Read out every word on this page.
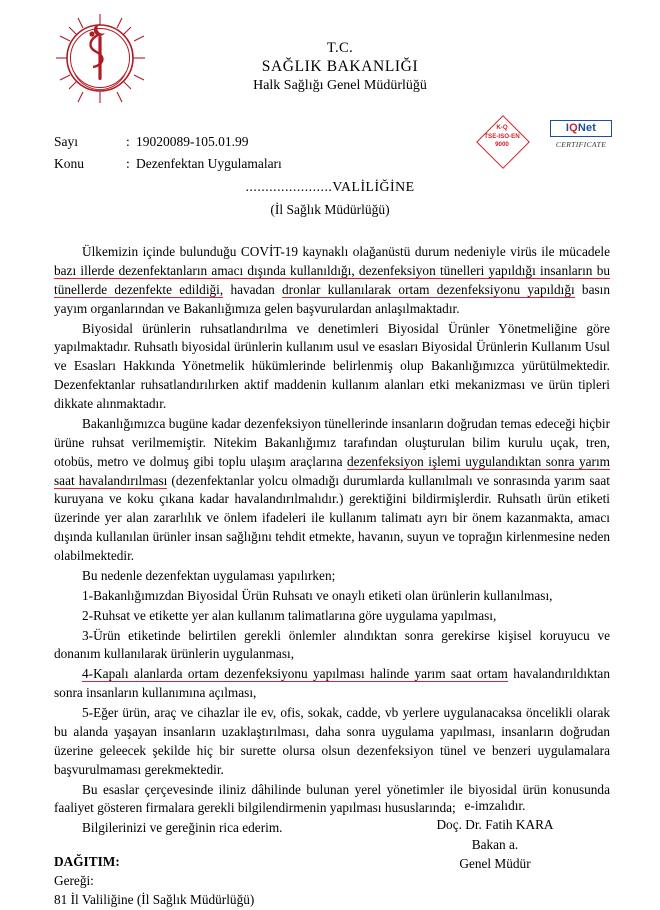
T.C.
SAĞLIK BAKANLIĞI
Halk Sağlığı Genel Müdürlüğü
K-Q
TSE-ISO-EN
9000
IQNet
CERTIFICATE
Sayı	: 19020089-105.01.99
Konu	: Dezenfektan Uygulamaları
......................VALİLİĞİNE
(İl Sağlık Müdürlüğü)

Ülkemizin içinde bulunduğu COVİT-19 kaynaklı olağanüstü durum nedeniyle virüs ile mücadele bazı illerde dezenfektanların amacı dışında kullanıldığı, dezenfeksiyon tünelleri yapıldığı insanların bu tünellerde dezenfekte edildiği, havadan dronlar kullanılarak ortam dezenfeksiyonu yapıldığı basın yayım organlarından ve Bakanlığımıza gelen başvurulardan anlaşılmaktadır.

Biyosidal ürünlerin ruhsatlandırılma ve denetimleri Biyosidal Ürünler Yönetmeliğine göre yapılmaktadır. Ruhsatlı biyosidal ürünlerin kullanım usul ve esasları Biyosidal Ürünlerin Kullanım Usul ve Esasları Hakkında Yönetmelik hükümlerinde belirlenmiş olup Bakanlığımızca yürütülmektedir. Dezenfektanlar ruhsatlandırılırken aktif maddenin kullanım alanları etki mekanizması ve ürün tipleri dikkate alınmaktadır.

Bakanlığımızca bugüne kadar dezenfeksiyon tünellerinde insanların doğrudan temas edeceği hiçbir ürüne ruhsat verilmemiştir. Nitekim Bakanlığımız tarafından oluşturulan bilim kurulu uçak, tren, otobüs, metro ve dolmuş gibi toplu ulaşım araçlarına dezenfeksiyon işlemi uygulandıktan sonra yarım saat havalandırılması (dezenfektanlar yolcu olmadığı durumlarda kullanılmalı ve sonrasında yarım saat kuruyana ve koku çıkana kadar havalandırılmalıdır.) gerektiğini bildirmişlerdir. Ruhsatlı ürün etiketi üzerinde yer alan zararlılık ve önlem ifadeleri ile kullanım talimatı ayrı bir önem kazanmakta, amacı dışında kullanılan ürünler insan sağlığını tehdit etmekte, havanın, suyun ve toprağın kirlenmesine neden olabilmektedir.

Bu nedenle dezenfektan uygulaması yapılırken;

1-Bakanlığımızdan Biyosidal Ürün Ruhsatı ve onaylı etiketi olan ürünlerin kullanılması,

2-Ruhsat ve etikette yer alan kullanım talimatlarına göre uygulama yapılması,

3-Ürün etiketinde belirtilen gerekli önlemler alındıktan sonra gerekirse kişisel koruyucu ve donanım kullanılarak ürünlerin uygulanması,

4-Kapalı alanlarda ortam dezenfeksiyonu yapılması halinde yarım saat ortam havalandırıldıktan sonra insanların kullanımına açılması,

5-Eğer ürün, araç ve cihazlar ile ev, ofis, sokak, cadde, vb yerlere uygulanacaksa öncelikli olarak bu alanda yaşayan insanların uzaklaştırılması, daha sonra uygulama yapılması, insanların doğrudan üzerine geleecek şekilde hiç bir surette olursa olsun dezenfeksiyon tünel ve benzeri uygulamalara başvurulmaması gerekmektedir.

Bu esaslar çerçevesinde iliniz dâhilinde bulunan yerel yönetimler ile biyosidal ürün konusunda faaliyet gösteren firmalara gerekli bilgilendirmenin yapılması hususlarında;

Bilgilerinizi ve gereğinin rica ederim.

e-imzalıdır.
Doç. Dr. Fatih KARA
Bakan a.
Genel Müdür
DAĞITIM:
Gereği:
81 İl Valiliğine (İl Sağlık Müdürlüğü)
